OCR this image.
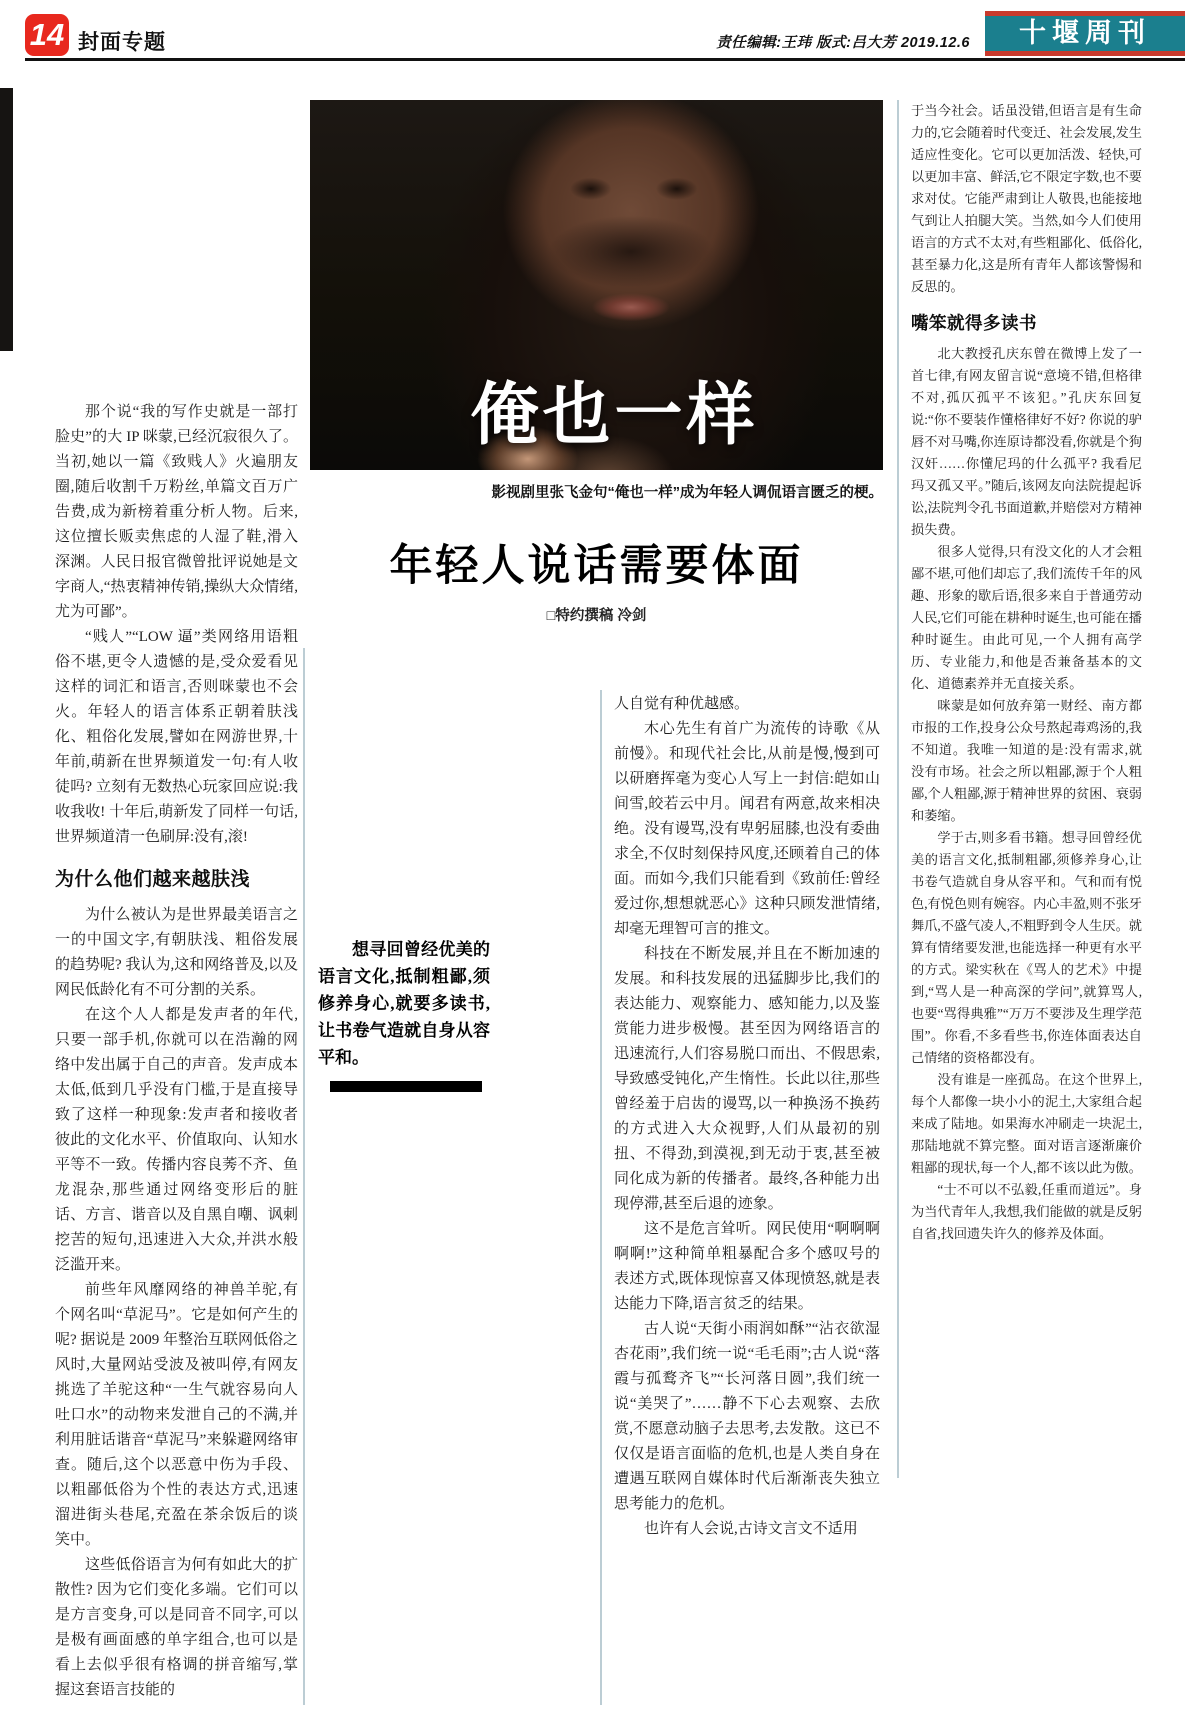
14 封面专题	责任编辑:王玮 版式:吕大芳 2019.12.6	十堰周刊
俺也一样
影视剧里张飞金句“俺也一样”成为年轻人调侃语言匮乏的梗。
年轻人说话需要体面
□特约撰稿 冷剑
那个说“我的写作史就是一部打脸史”的大 IP 咪蒙,已经沉寂很久了。当初,她以一篇《致贱人》火遍朋友圈,随后收割千万粉丝,单篇文百万广告费,成为新榜着重分析人物。后来,这位擅长贩卖焦虑的人湿了鞋,滑入深渊。人民日报官微曾批评说她是文字商人,“热衷精神传销,操纵大众情绪,尤为可鄙”。
“贱人”“LOW 逼”类网络用语粗俗不堪,更令人遗憾的是,受众爱看见这样的词汇和语言,否则咪蒙也不会火。年轻人的语言体系正朝着肤浅化、粗俗化发展,譬如在网游世界,十年前,萌新在世界频道发一句:有人收徒吗? 立刻有无数热心玩家回应说:我收我收! 十年后,萌新发了同样一句话,世界频道清一色刷屏:没有,滚!
为什么他们越来越肤浅
为什么被认为是世界最美语言之一的中国文字,有朝肤浅、粗俗发展的趋势呢? 我认为,这和网络普及,以及网民低龄化有不可分割的关系。
在这个人人都是发声者的年代,只要一部手机,你就可以在浩瀚的网络中发出属于自己的声音。发声成本太低,低到几乎没有门槛,于是直接导致了这样一种现象:发声者和接收者彼此的文化水平、价值取向、认知水平等不一致。传播内容良莠不齐、鱼龙混杂,那些通过网络变形后的脏话、方言、谐音以及自黑自嘲、讽刺挖苦的短句,迅速进入大众,并洪水般泛滥开来。
前些年风靡网络的神兽羊驼,有个网名叫“草泥马”。它是如何产生的呢? 据说是 2009 年整治互联网低俗之风时,大量网站受波及被叫停,有网友挑选了羊驼这种“一生气就容易向人吐口水”的动物来发泄自己的不满,并利用脏话谐音“草泥马”来躲避网络审查。随后,这个以恶意中伤为手段、以粗鄙低俗为个性的表达方式,迅速溜进街头巷尾,充盈在茶余饭后的谈笑中。
这些低俗语言为何有如此大的扩散性? 因为它们变化多端。它们可以是方言变身,可以是同音不同字,可以是极有画面感的单字组合,也可以是看上去似乎很有格调的拼音缩写,掌握这套语言技能的

想寻回曾经优美的语言文化,抵制粗鄙,须修养身心,就要多读书,让书卷气造就自身从容平和。

人自觉有种优越感。
木心先生有首广为流传的诗歌《从前慢》。和现代社会比,从前是慢,慢到可以研磨挥毫为变心人写上一封信:皑如山间雪,皎若云中月。闻君有两意,故来相决绝。没有谩骂,没有卑躬屈膝,也没有委曲求全,不仅时刻保持风度,还顾着自己的体面。而如今,我们只能看到《致前任:曾经爱过你,想想就恶心》这种只顾发泄情绪,却毫无理智可言的推文。
科技在不断发展,并且在不断加速的发展。和科技发展的迅猛脚步比,我们的表达能力、观察能力、感知能力,以及鉴赏能力进步极慢。甚至因为网络语言的迅速流行,人们容易脱口而出、不假思索,导致感受钝化,产生惰性。长此以往,那些曾经羞于启齿的谩骂,以一种换汤不换药的方式进入大众视野,人们从最初的别扭、不得劲,到漠视,到无动于衷,甚至被同化成为新的传播者。最终,各种能力出现停滞,甚至后退的迹象。
这不是危言耸听。网民使用“啊啊啊啊啊!”这种简单粗暴配合多个感叹号的表述方式,既体现惊喜又体现愤怒,就是表达能力下降,语言贫乏的结果。
古人说“天街小雨润如酥”“沾衣欲湿杏花雨”,我们统一说“毛毛雨”;古人说“落霞与孤鹜齐飞”“长河落日圆”,我们统一说“美哭了”……静不下心去观察、去欣赏,不愿意动脑子去思考,去发散。这已不仅仅是语言面临的危机,也是人类自身在遭遇互联网自媒体时代后渐渐丧失独立思考能力的危机。
也许有人会说,古诗文言文不适用
于当今社会。话虽没错,但语言是有生命力的,它会随着时代变迁、社会发展,发生适应性变化。它可以更加活泼、轻快,可以更加丰富、鲜活,它不限定字数,也不要求对仗。它能严肃到让人敬畏,也能接地气到让人拍腿大笑。当然,如今人们使用语言的方式不太对,有些粗鄙化、低俗化,甚至暴力化,这是所有青年人都该警惕和反思的。
嘴笨就得多读书
北大教授孔庆东曾在微博上发了一首七律,有网友留言说“意境不错,但格律不对,孤仄孤平不该犯。”孔庆东回复说:“你不要装作懂格律好不好? 你说的驴唇不对马嘴,你连原诗都没看,你就是个狗汉奸……你懂尼玛的什么孤平? 我看尼玛又孤又平。”随后,该网友向法院提起诉讼,法院判令孔书面道歉,并赔偿对方精神损失费。
很多人觉得,只有没文化的人才会粗鄙不堪,可他们却忘了,我们流传千年的风趣、形象的歇后语,很多来自于普通劳动人民,它们可能在耕种时诞生,也可能在播种时诞生。由此可见,一个人拥有高学历、专业能力,和他是否兼备基本的文化、道德素养并无直接关系。
咪蒙是如何放弃第一财经、南方都市报的工作,投身公众号熬起毒鸡汤的,我不知道。我唯一知道的是:没有需求,就没有市场。社会之所以粗鄙,源于个人粗鄙,个人粗鄙,源于精神世界的贫困、衰弱和萎缩。
学于古,则多看书籍。想寻回曾经优美的语言文化,抵制粗鄙,须修养身心,让书卷气造就自身从容平和。气和而有悦色,有悦色则有婉容。内心丰盈,则不张牙舞爪,不盛气凌人,不粗野到令人生厌。就算有情绪要发泄,也能选择一种更有水平的方式。梁实秋在《骂人的艺术》中提到,“骂人是一种高深的学问”,就算骂人,也要“骂得典雅”“万万不要涉及生理学范围”。你看,不多看些书,你连体面表达自己情绪的资格都没有。
没有谁是一座孤岛。在这个世界上,每个人都像一块小小的泥土,大家组合起来成了陆地。如果海水冲刷走一块泥土,那陆地就不算完整。面对语言逐渐廉价粗鄙的现状,每一个人,都不该以此为傲。
“士不可以不弘毅,任重而道远”。身为当代青年人,我想,我们能做的就是反躬自省,找回遗失许久的修养及体面。
